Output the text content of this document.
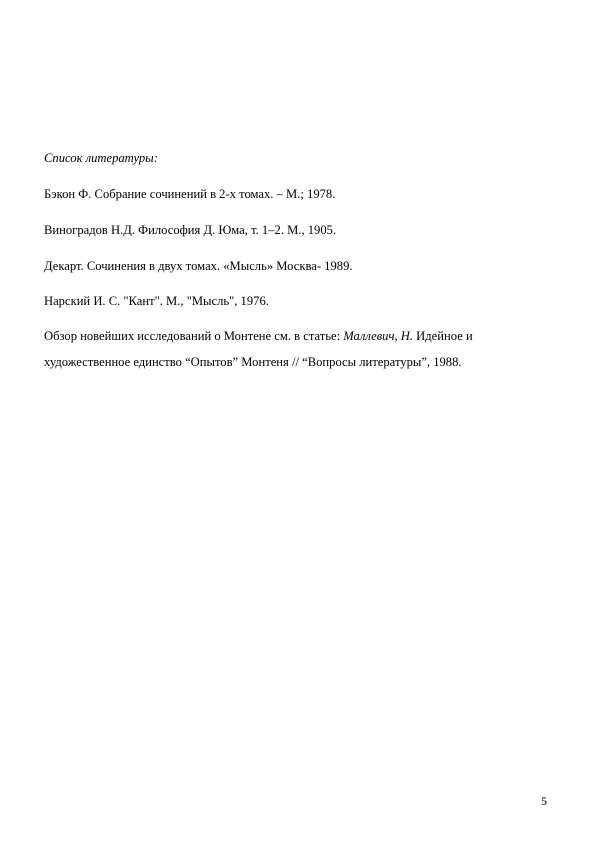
Список литературы:
Бэкон Ф. Собрание сочинений в 2-х томах. – М.; 1978.
Виноградов Н.Д. Философия Д. Юма, т. 1–2. М., 1905.
Декарт. Сочинения в двух томах. «Мысль» Москва- 1989.
Нарский И. С. "Кант". М., "Мысль", 1976.
Обзор новейших исследований о Монтене см. в статье: Маллевич, Н. Идейное и
художественное единство “Опытов” Монтеня // “Вопросы литературы”, 1988.
5
